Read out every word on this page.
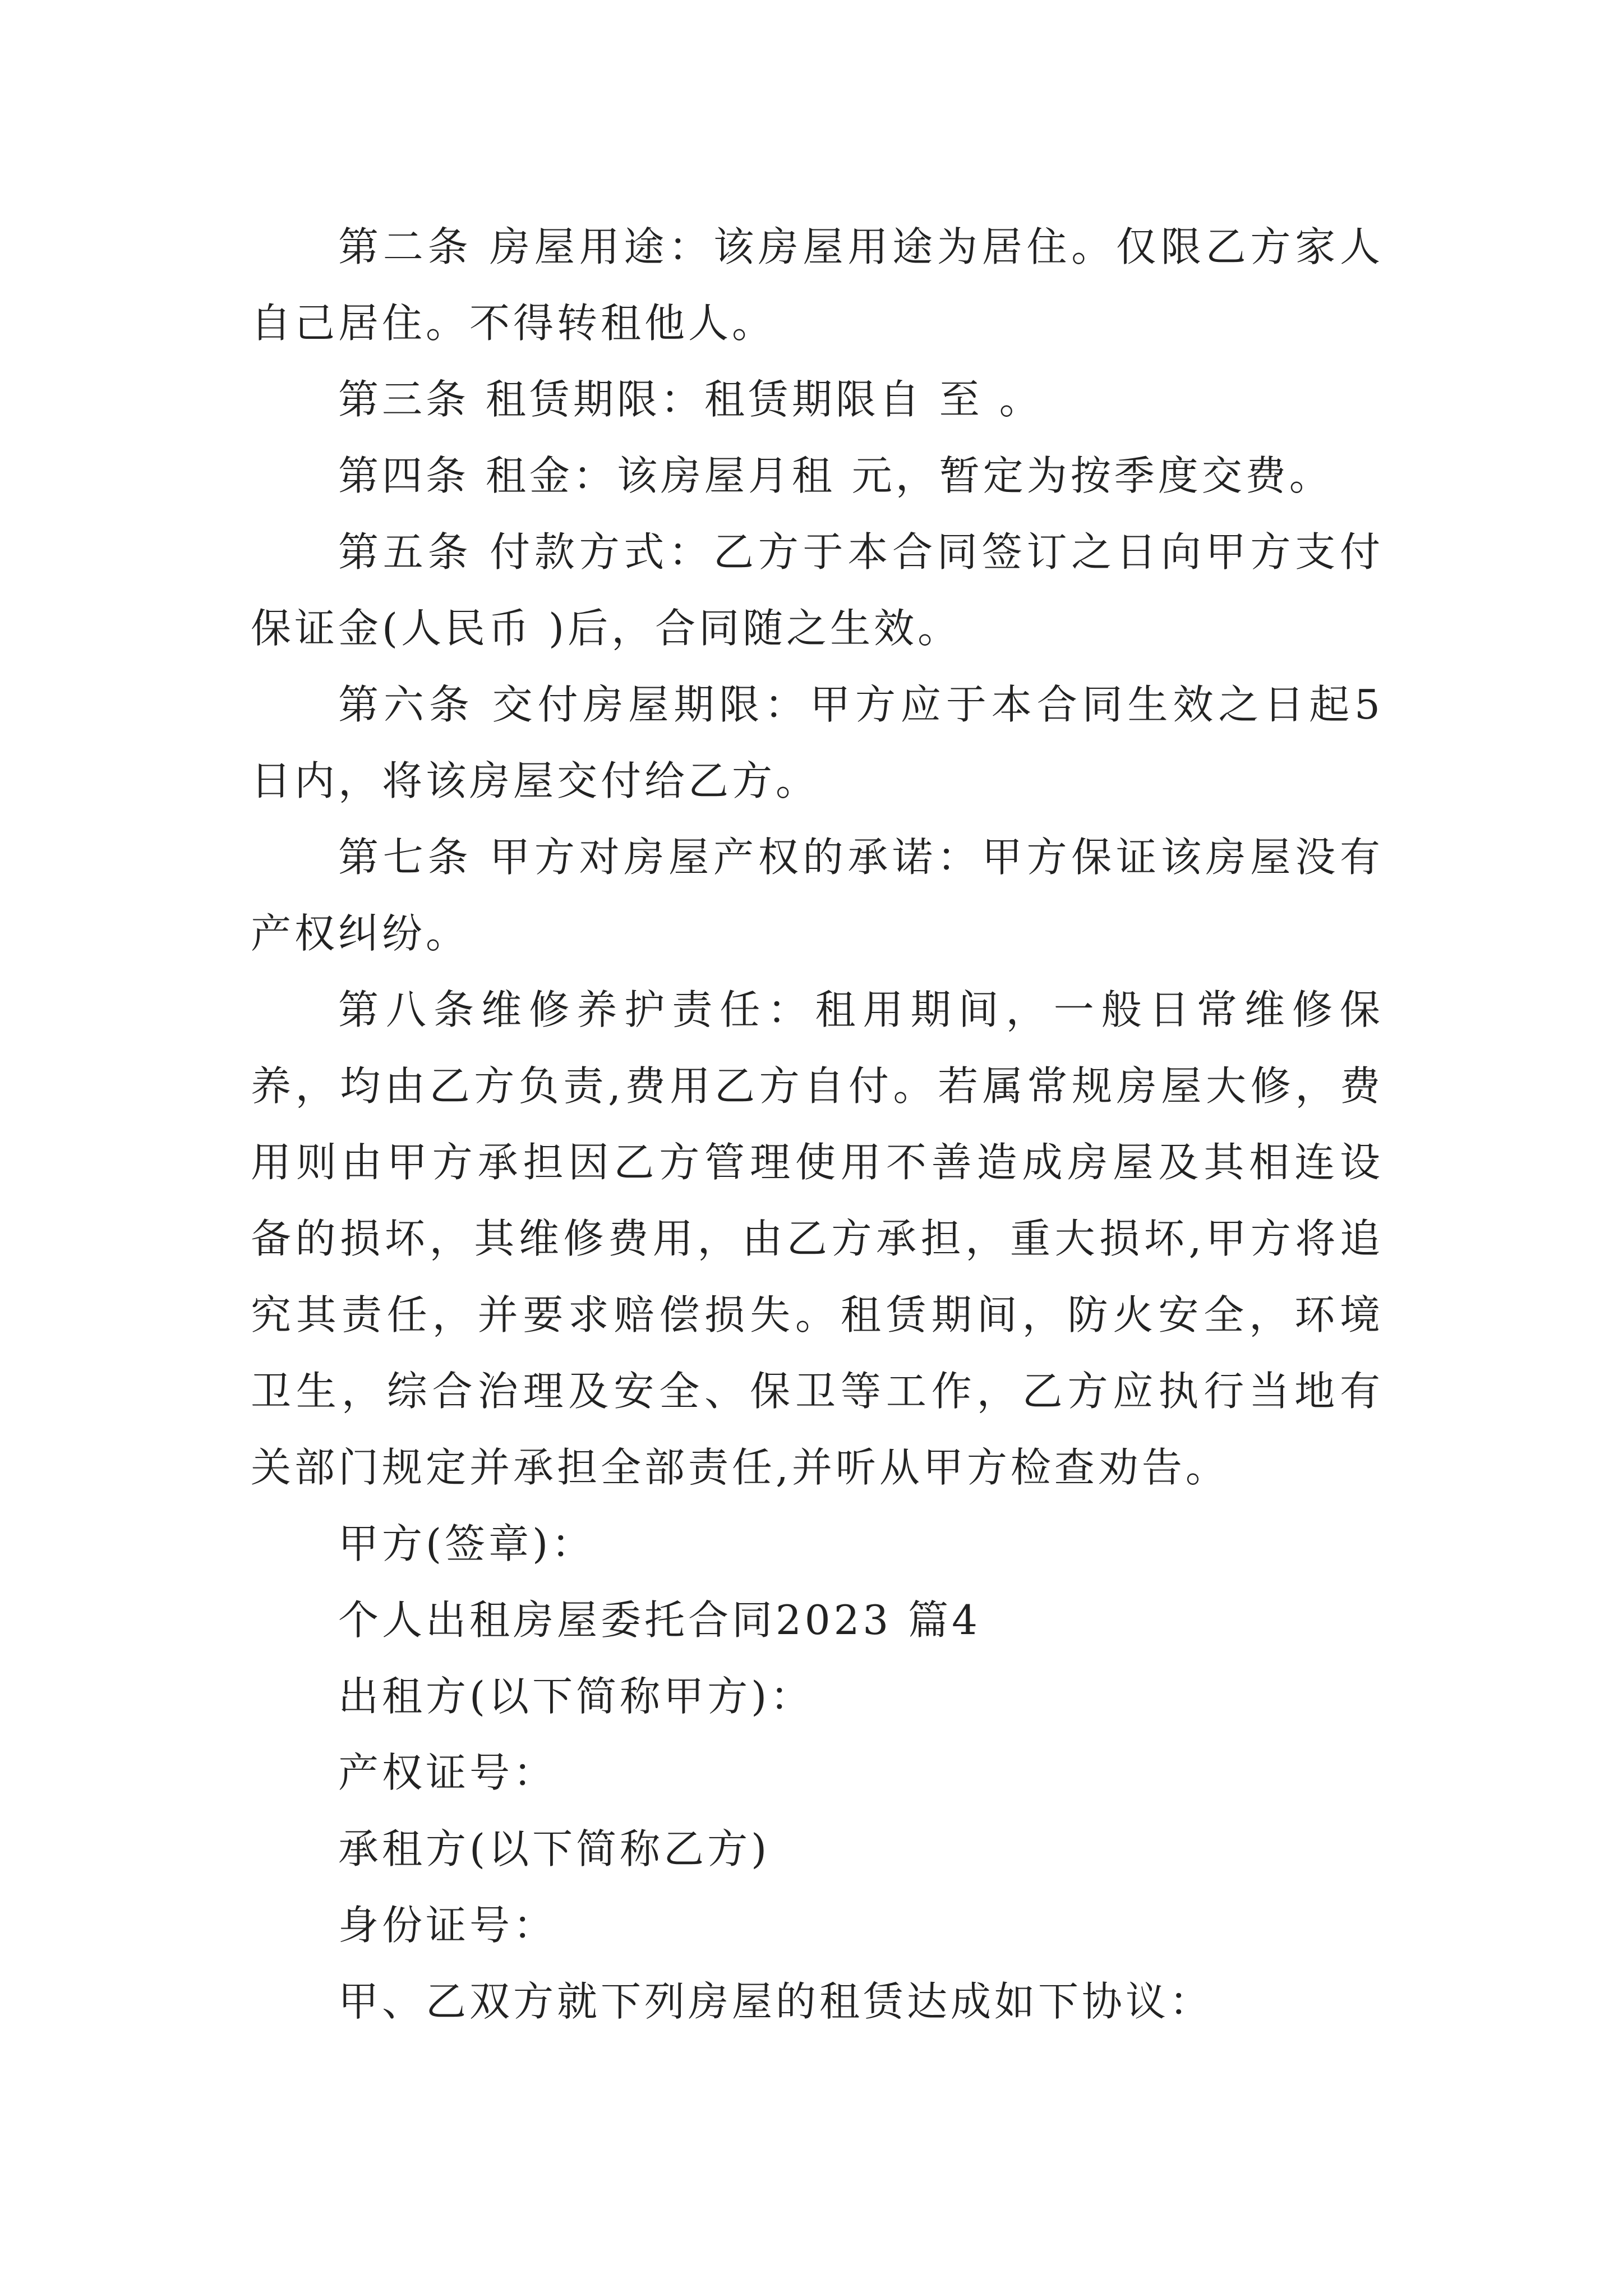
第二条 房屋用途：该房屋用途为居住。仅限乙方家人自己居住。不得转租他人。

第三条 租赁期限：租赁期限自 至 。

第四条 租金：该房屋月租 元，暂定为按季度交费。

第五条 付款方式：乙方于本合同签订之日向甲方支付保证金(人民币 )后，合同随之生效。

第六条 交付房屋期限：甲方应于本合同生效之日起5日内，将该房屋交付给乙方。

第七条 甲方对房屋产权的承诺：甲方保证该房屋没有产权纠纷。

第八条维修养护责任：租用期间，一般日常维修保养，均由乙方负责,费用乙方自付。若属常规房屋大修，费用则由甲方承担因乙方管理使用不善造成房屋及其相连设备的损坏，其维修费用，由乙方承担，重大损坏,甲方将追究其责任，并要求赔偿损失。租赁期间，防火安全，环境卫生，综合治理及安全、保卫等工作，乙方应执行当地有关部门规定并承担全部责任,并听从甲方检查劝告。

甲方(签章)：

个人出租房屋委托合同2023 篇4

出租方(以下简称甲方)：

产权证号：

承租方(以下简称乙方)

身份证号：

甲、乙双方就下列房屋的租赁达成如下协议：
